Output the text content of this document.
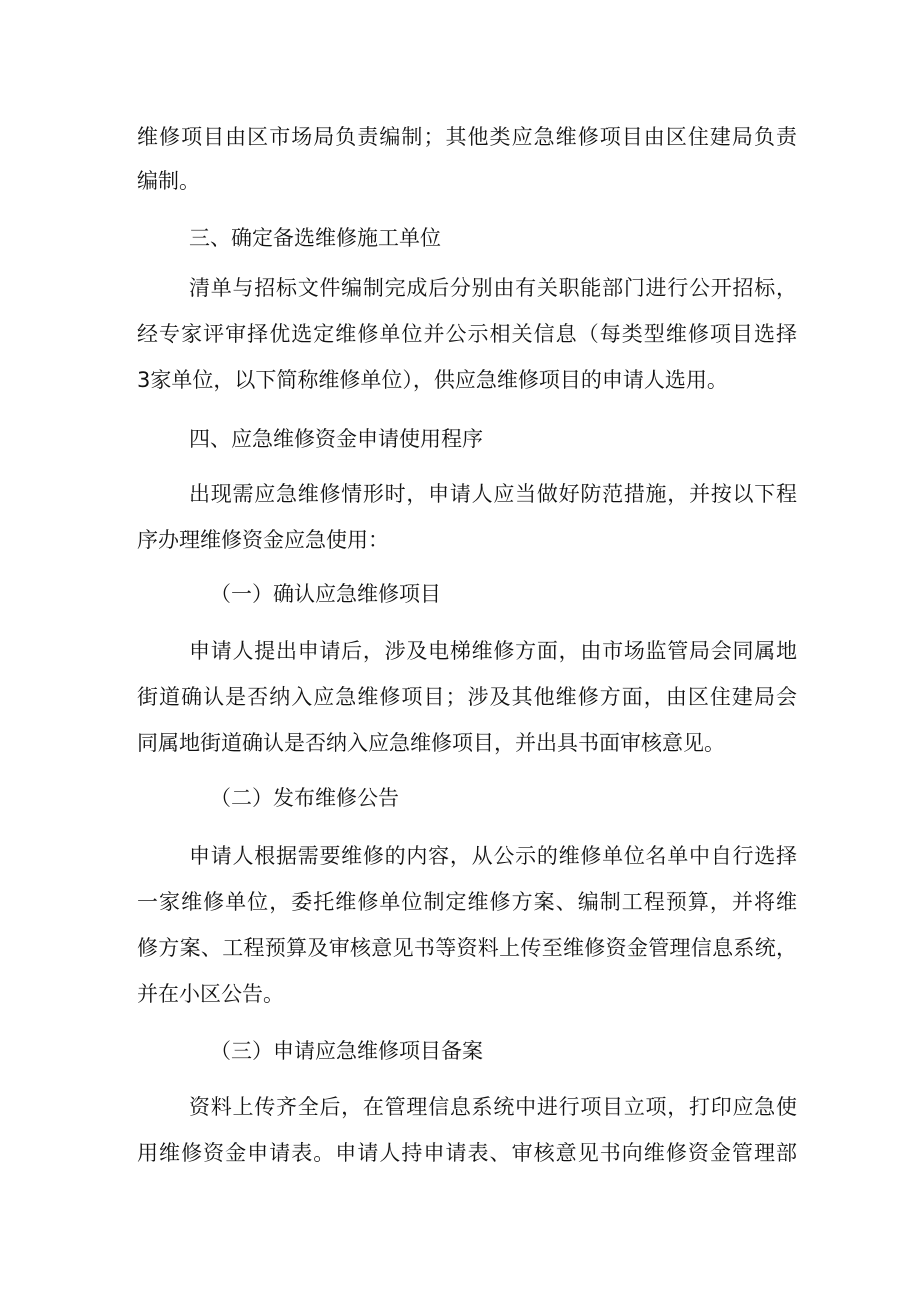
维修项目由区市场局负责编制；其他类应急维修项目由区住建局负责
编制。
三、确定备选维修施工单位
清单与招标文件编制完成后分别由有关职能部门进行公开招标，
经专家评审择优选定维修单位并公示相关信息（每类型维修项目选择
3家单位，以下简称维修单位），供应急维修项目的申请人选用。
四、应急维修资金申请使用程序
出现需应急维修情形时，申请人应当做好防范措施，并按以下程
序办理维修资金应急使用：
（一）确认应急维修项目
申请人提出申请后，涉及电梯维修方面，由市场监管局会同属地
街道确认是否纳入应急维修项目；涉及其他维修方面，由区住建局会
同属地街道确认是否纳入应急维修项目，并出具书面审核意见。
（二）发布维修公告
申请人根据需要维修的内容，从公示的维修单位名单中自行选择
一家维修单位，委托维修单位制定维修方案、编制工程预算，并将维
修方案、工程预算及审核意见书等资料上传至维修资金管理信息系统，
并在小区公告。
（三）申请应急维修项目备案
资料上传齐全后，在管理信息系统中进行项目立项，打印应急使
用维修资金申请表。申请人持申请表、审核意见书向维修资金管理部
